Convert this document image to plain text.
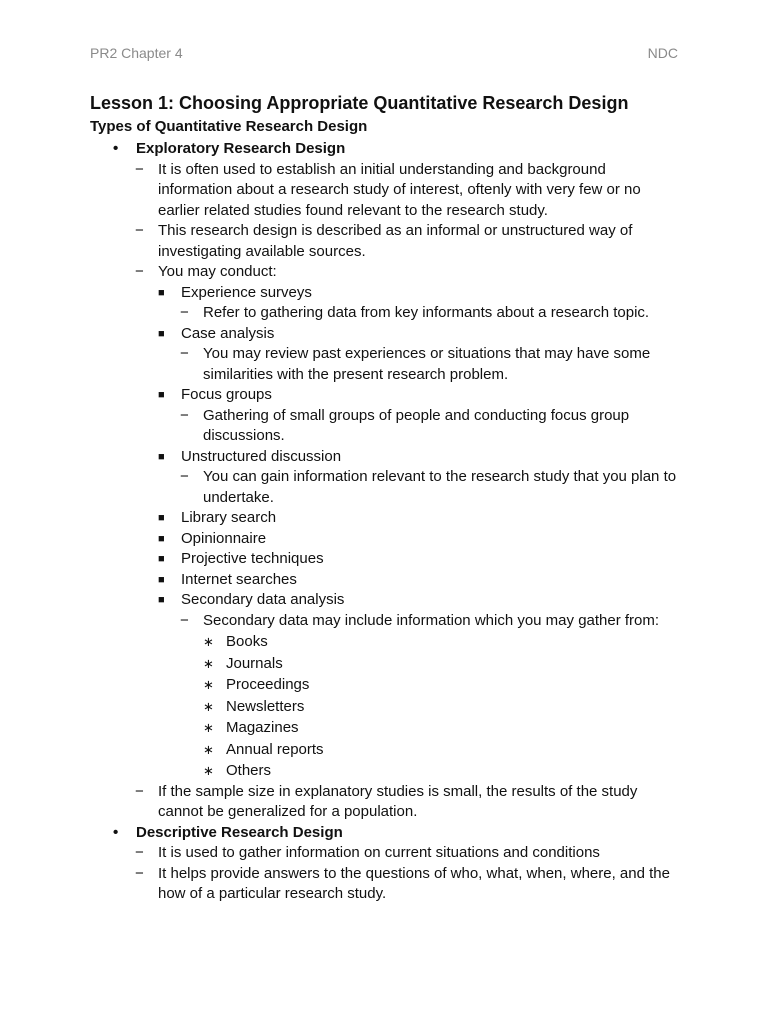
PR2 Chapter 4	NDC
Lesson 1: Choosing Appropriate Quantitative Research Design
Types of Quantitative Research Design
• Exploratory Research Design
− It is often used to establish an initial understanding and background information about a research study of interest, oftenly with very few or no earlier related studies found relevant to the research study.
− This research design is described as an informal or unstructured way of investigating available sources.
− You may conduct:
■ Experience surveys
− Refer to gathering data from key informants about a research topic.
■ Case analysis
− You may review past experiences or situations that may have some similarities with the present research problem.
■ Focus groups
− Gathering of small groups of people and conducting focus group discussions.
■ Unstructured discussion
− You can gain information relevant to the research study that you plan to undertake.
■ Library search
■ Opinionnaire
■ Projective techniques
■ Internet searches
■ Secondary data analysis
− Secondary data may include information which you may gather from:
∗ Books
∗ Journals
∗ Proceedings
∗ Newsletters
∗ Magazines
∗ Annual reports
∗ Others
− If the sample size in explanatory studies is small, the results of the study cannot be generalized for a population.
• Descriptive Research Design
− It is used to gather information on current situations and conditions
− It helps provide answers to the questions of who, what, when, where, and the how of a particular research study.
